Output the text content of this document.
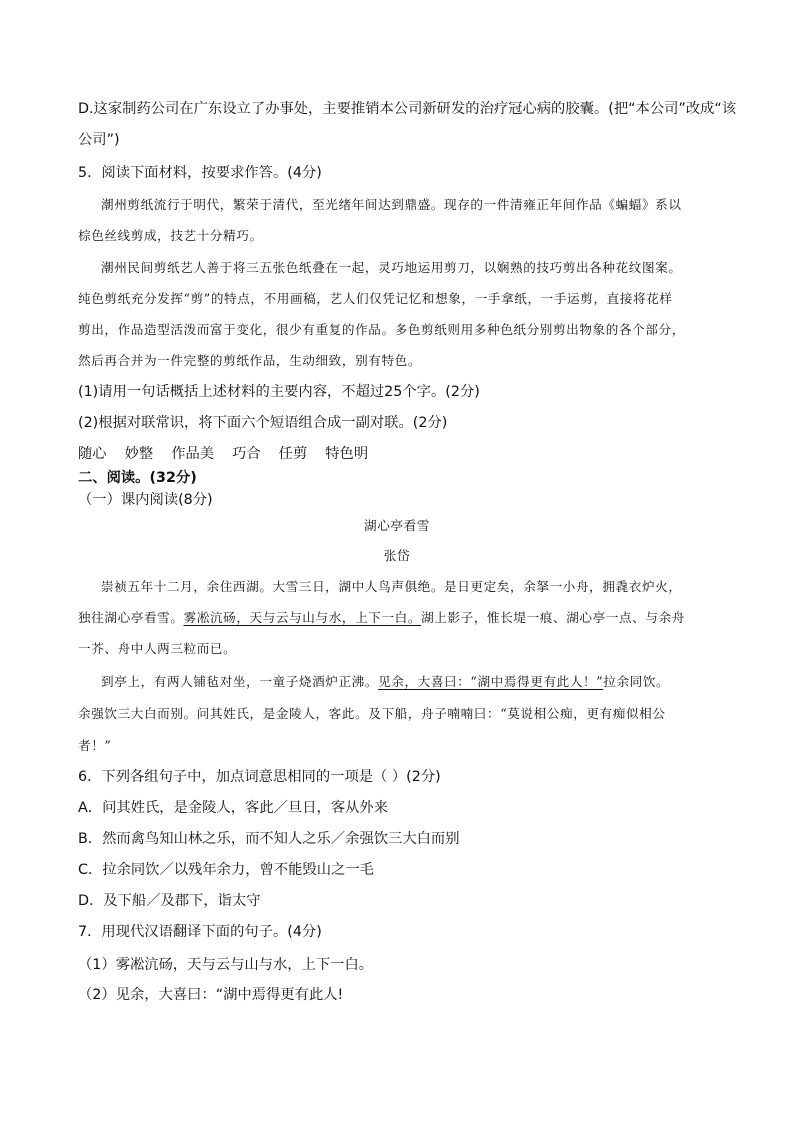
D.这家制药公司在广东设立了办事处，主要推销本公司新研发的治疗冠心病的胶囊。(把“本公司”改成“该
公司”)
5．阅读下面材料，按要求作答。(4分)
潮州剪纸流行于明代，繁荣于清代，至光绪年间达到鼎盛。现存的一件清雍正年间作品《蝙蝠》系以
棕色丝线剪成，技艺十分精巧。
潮州民间剪纸艺人善于将三五张色纸叠在一起，灵巧地运用剪刀，以娴熟的技巧剪出各种花纹图案。
纯色剪纸充分发挥“剪”的特点，不用画稿，艺人们仅凭记忆和想象，一手拿纸，一手运剪，直接将花样
剪出，作品造型活泼而富于变化，很少有重复的作品。多色剪纸则用多种色纸分别剪出物象的各个部分，
然后再合并为一件完整的剪纸作品，生动细致，别有特色。
(1)请用一句话概括上述材料的主要内容，不超过25个字。(2分)
(2)根据对联常识，将下面六个短语组合成一副对联。(2分)
随心 妙整 作品美 巧合 任剪 特色明
二、阅读。(32分)
（一）课内阅读(8分)
湖心亭看雪
张岱
崇祯五年十二月，余住西湖。大雪三日，湖中人鸟声俱绝。是日更定矣，余拏一小舟，拥毳衣炉火，
独往湖心亭看雪。雾凇沆砀，天与云与山与水，上下一白。湖上影子，惟长堤一痕、湖心亭一点、与余舟
一芥、舟中人两三粒而已。
到亭上，有两人铺毡对坐，一童子烧酒炉正沸。见余，大喜曰：“湖中焉得更有此人！”拉余同饮。
余强饮三大白而别。问其姓氏，是金陵人，客此。及下船，舟子喃喃曰：“莫说相公痴，更有痴似相公
者！”
6．下列各组句子中，加点词意思相同的一项是（ ）(2分)
A．问其姓氏，是金陵人，客此／旦日，客从外来
B．然而禽鸟知山林之乐，而不知人之乐／余强饮三大白而别
C．拉余同饮／以残年余力，曾不能毁山之一毛
D．及下船／及郡下，诣太守
7．用现代汉语翻译下面的句子。(4分)
（1）雾凇沆砀，天与云与山与水，上下一白。
（2）见余，大喜曰：“湖中焉得更有此人!
